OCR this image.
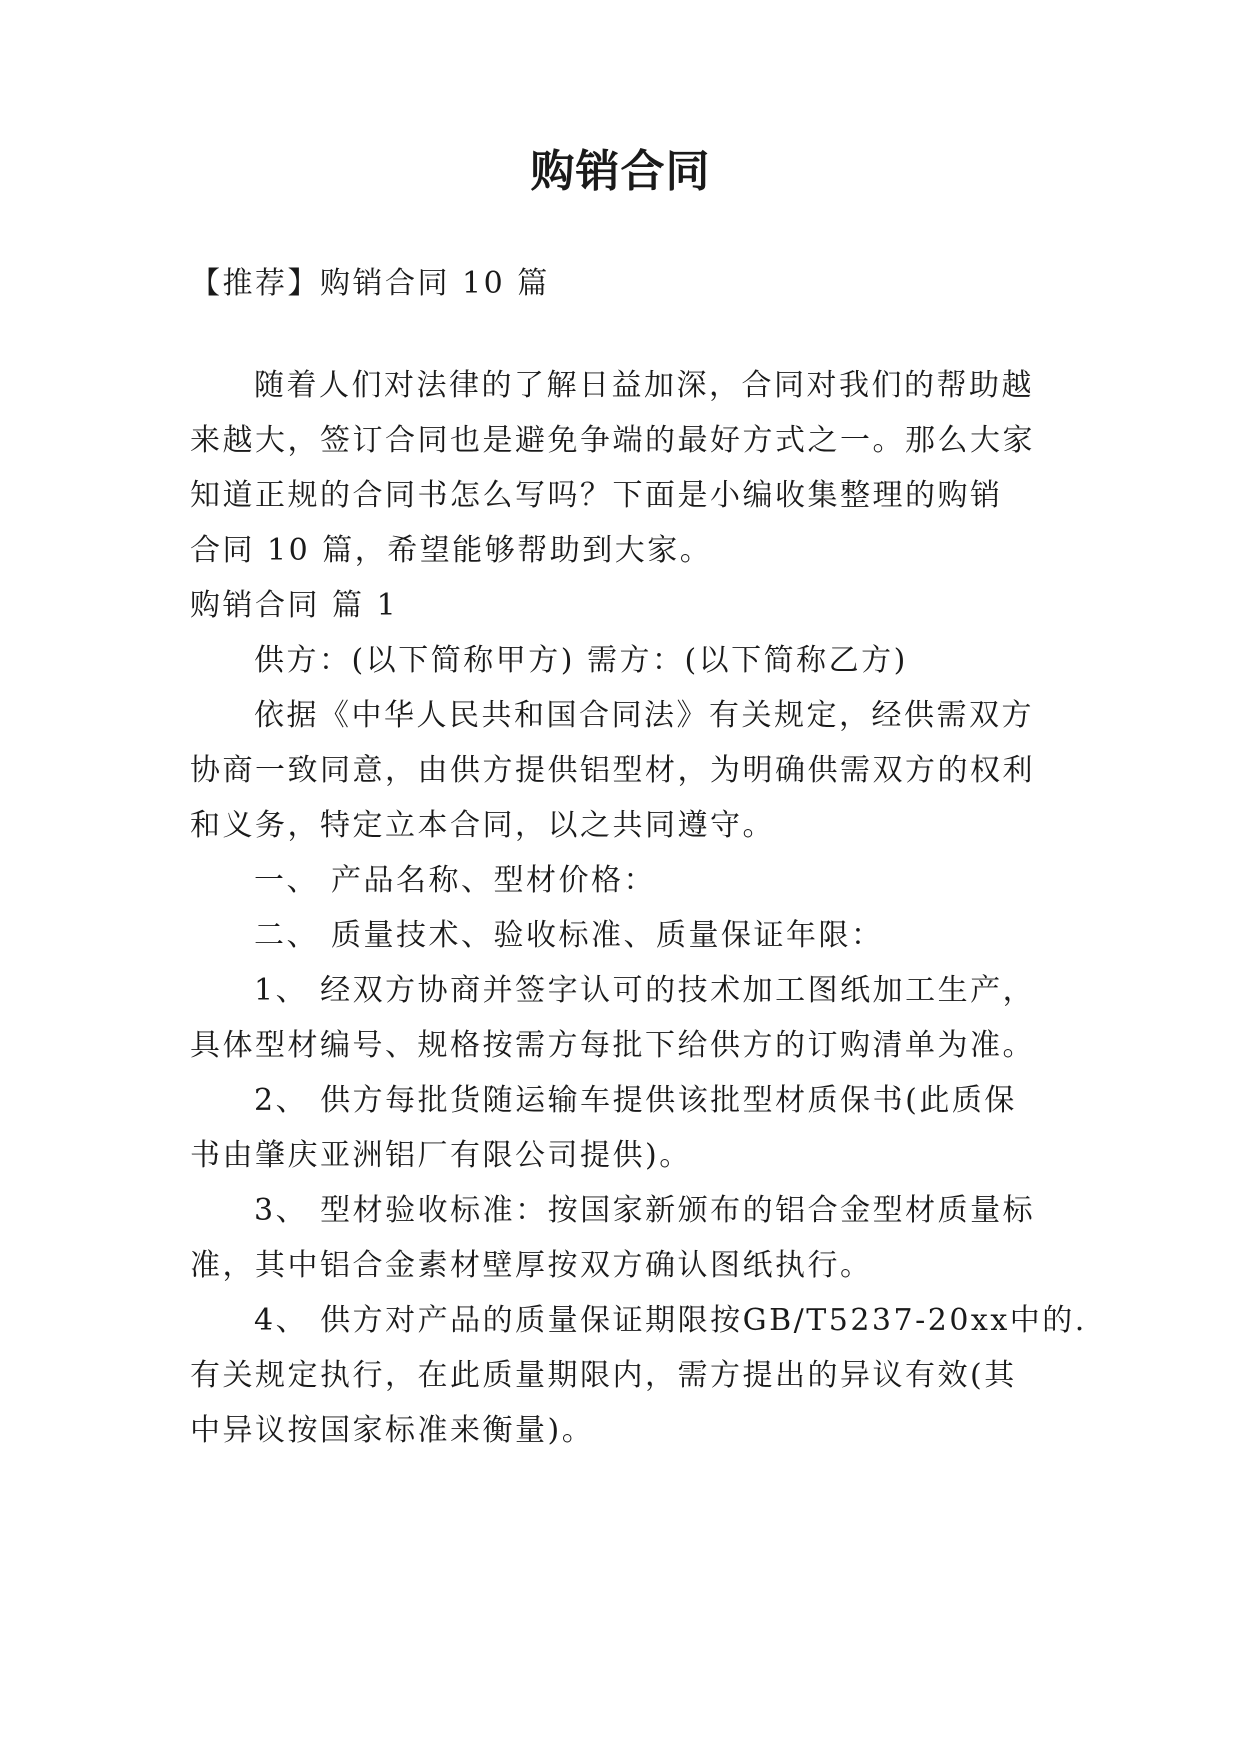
购销合同
【推荐】购销合同 10 篇
随着人们对法律的了解日益加深，合同对我们的帮助越
来越大，签订合同也是避免争端的最好方式之一。那么大家
知道正规的合同书怎么写吗？下面是小编收集整理的购销
合同 10 篇，希望能够帮助到大家。
购销合同 篇 1
供方：(以下简称甲方) 需方：(以下简称乙方)
依据《中华人民共和国合同法》有关规定，经供需双方
协商一致同意，由供方提供铝型材，为明确供需双方的权利
和义务，特定立本合同，以之共同遵守。
一、 产品名称、型材价格：
二、 质量技术、验收标准、质量保证年限：
1、 经双方协商并签字认可的技术加工图纸加工生产，
具体型材编号、规格按需方每批下给供方的订购清单为准。
2、 供方每批货随运输车提供该批型材质保书(此质保
书由肇庆亚洲铝厂有限公司提供)。
3、 型材验收标准：按国家新颁布的铝合金型材质量标
准，其中铝合金素材壁厚按双方确认图纸执行。
4、 供方对产品的质量保证期限按GB/T5237-20xx中的.
有关规定执行，在此质量期限内，需方提出的异议有效(其
中异议按国家标准来衡量)。
